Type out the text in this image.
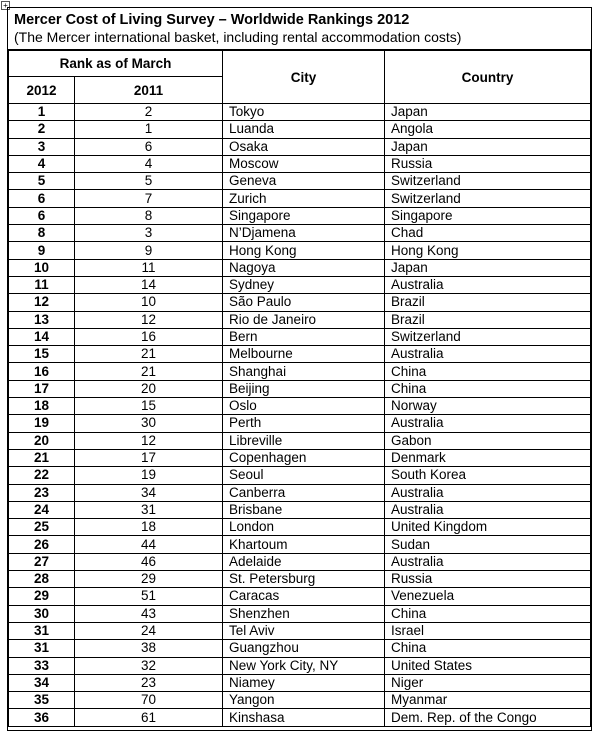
+
Mercer Cost of Living Survey – Worldwide Rankings 2012
(The Mercer international basket, including rental accommodation costs)
Rank as of March		City	Country
2012	2011		
1	2	Tokyo	Japan
2	1	Luanda	Angola
3	6	Osaka	Japan
4	4	Moscow	Russia
5	5	Geneva	Switzerland
6	7	Zurich	Switzerland
6	8	Singapore	Singapore
8	3	N’Djamena	Chad
9	9	Hong Kong	Hong Kong
10	11	Nagoya	Japan
11	14	Sydney	Australia
12	10	São Paulo	Brazil
13	12	Rio de Janeiro	Brazil
14	16	Bern	Switzerland
15	21	Melbourne	Australia
16	21	Shanghai	China
17	20	Beijing	China
18	15	Oslo	Norway
19	30	Perth	Australia
20	12	Libreville	Gabon
21	17	Copenhagen	Denmark
22	19	Seoul	South Korea
23	34	Canberra	Australia
24	31	Brisbane	Australia
25	18	London	United Kingdom
26	44	Khartoum	Sudan
27	46	Adelaide	Australia
28	29	St. Petersburg	Russia
29	51	Caracas	Venezuela
30	43	Shenzhen	China
31	24	Tel Aviv	Israel
31	38	Guangzhou	China
33	32	New York City, NY	United States
34	23	Niamey	Niger
35	70	Yangon	Myanmar
36	61	Kinshasa	Dem. Rep. of the Congo
